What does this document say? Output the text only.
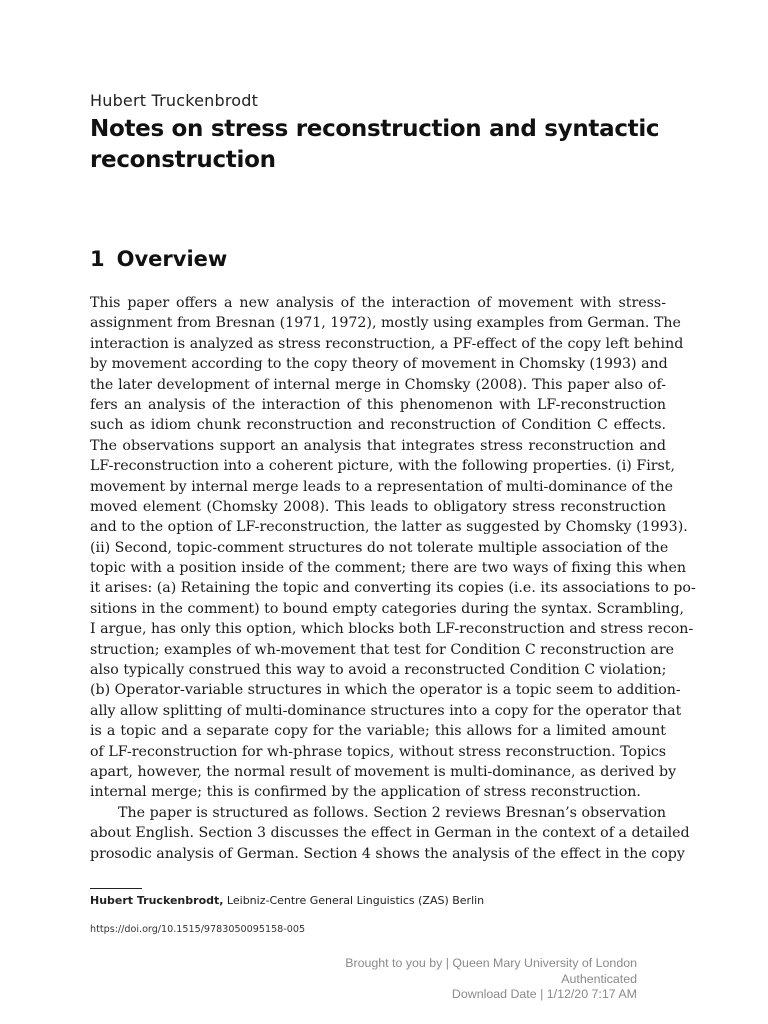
Hubert Truckenbrodt
Notes on stress reconstruction and syntactic reconstruction
1 Overview
This paper offers a new analysis of the interaction of movement with stress-
assignment from Bresnan (1971, 1972), mostly using examples from German. The
interaction is analyzed as stress reconstruction, a PF-effect of the copy left behind
by movement according to the copy theory of movement in Chomsky (1993) and
the later development of internal merge in Chomsky (2008). This paper also of-
fers an analysis of the interaction of this phenomenon with LF-reconstruction
such as idiom chunk reconstruction and reconstruction of Condition C effects.
The observations support an analysis that integrates stress reconstruction and
LF-reconstruction into a coherent picture, with the following properties. (i) First,
movement by internal merge leads to a representation of multi-dominance of the
moved element (Chomsky 2008). This leads to obligatory stress reconstruction
and to the option of LF-reconstruction, the latter as suggested by Chomsky (1993).
(ii) Second, topic-comment structures do not tolerate multiple association of the
topic with a position inside of the comment; there are two ways of fixing this when
it arises: (a) Retaining the topic and converting its copies (i.e. its associations to po-
sitions in the comment) to bound empty categories during the syntax. Scrambling,
I argue, has only this option, which blocks both LF-reconstruction and stress recon-
struction; examples of wh-movement that test for Condition C reconstruction are
also typically construed this way to avoid a reconstructed Condition C violation;
(b) Operator-variable structures in which the operator is a topic seem to addition-
ally allow splitting of multi-dominance structures into a copy for the operator that
is a topic and a separate copy for the variable; this allows for a limited amount
of LF-reconstruction for wh-phrase topics, without stress reconstruction. Topics
apart, however, the normal result of movement is multi-dominance, as derived by
internal merge; this is confirmed by the application of stress reconstruction.
The paper is structured as follows. Section 2 reviews Bresnan’s observation
about English. Section 3 discusses the effect in German in the context of a detailed
prosodic analysis of German. Section 4 shows the analysis of the effect in the copy
Hubert Truckenbrodt, Leibniz-Centre General Linguistics (ZAS) Berlin
https://doi.org/10.1515/9783050095158-005
Brought to you by | Queen Mary University of London
Authenticated
Download Date | 1/12/20 7:17 AM
